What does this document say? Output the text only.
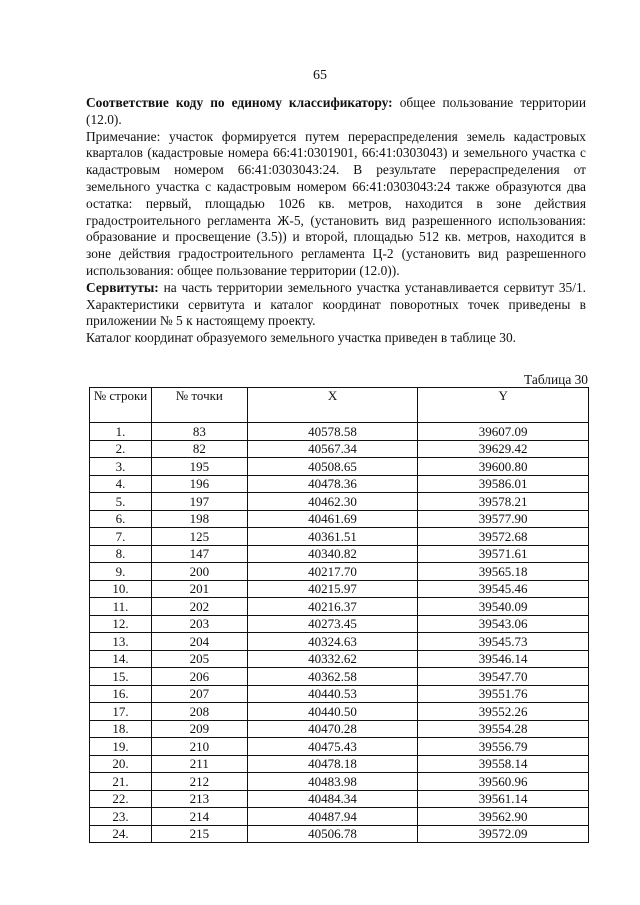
65

Соответствие коду по единому классификатору: общее пользование территории (12.0).

Примечание: участок формируется путем перераспределения земель кадастровых кварталов (кадастровые номера 66:41:0301901, 66:41:0303043) и земельного участка с кадастровым номером 66:41:0303043:24. В результате перераспределения от земельного участка с кадастровым номером 66:41:0303043:24 также образуются два остатка: первый, площадью 1026 кв. метров, находится в зоне действия градостроительного регламента Ж-5, (установить вид разрешенного использования: образование и просвещение (3.5)) и второй, площадью 512 кв. метров, находится в зоне действия градостроительного регламента Ц-2 (установить вид разрешенного использования: общее пользование территории (12.0)).

Сервитуты: на часть территории земельного участка устанавливается сервитут 35/1. Характеристики сервитута и каталог координат поворотных точек приведены в приложении № 5 к настоящему проекту.

Каталог координат образуемого земельного участка приведен в таблице 30.

Таблица 30
№ строки	№ точки	X	Y
1.	83	40578.58	39607.09
2.	82	40567.34	39629.42
3.	195	40508.65	39600.80
4.	196	40478.36	39586.01
5.	197	40462.30	39578.21
6.	198	40461.69	39577.90
7.	125	40361.51	39572.68
8.	147	40340.82	39571.61
9.	200	40217.70	39565.18
10.	201	40215.97	39545.46
11.	202	40216.37	39540.09
12.	203	40273.45	39543.06
13.	204	40324.63	39545.73
14.	205	40332.62	39546.14
15.	206	40362.58	39547.70
16.	207	40440.53	39551.76
17.	208	40440.50	39552.26
18.	209	40470.28	39554.28
19.	210	40475.43	39556.79
20.	211	40478.18	39558.14
21.	212	40483.98	39560.96
22.	213	40484.34	39561.14
23.	214	40487.94	39562.90
24.	215	40506.78	39572.09
